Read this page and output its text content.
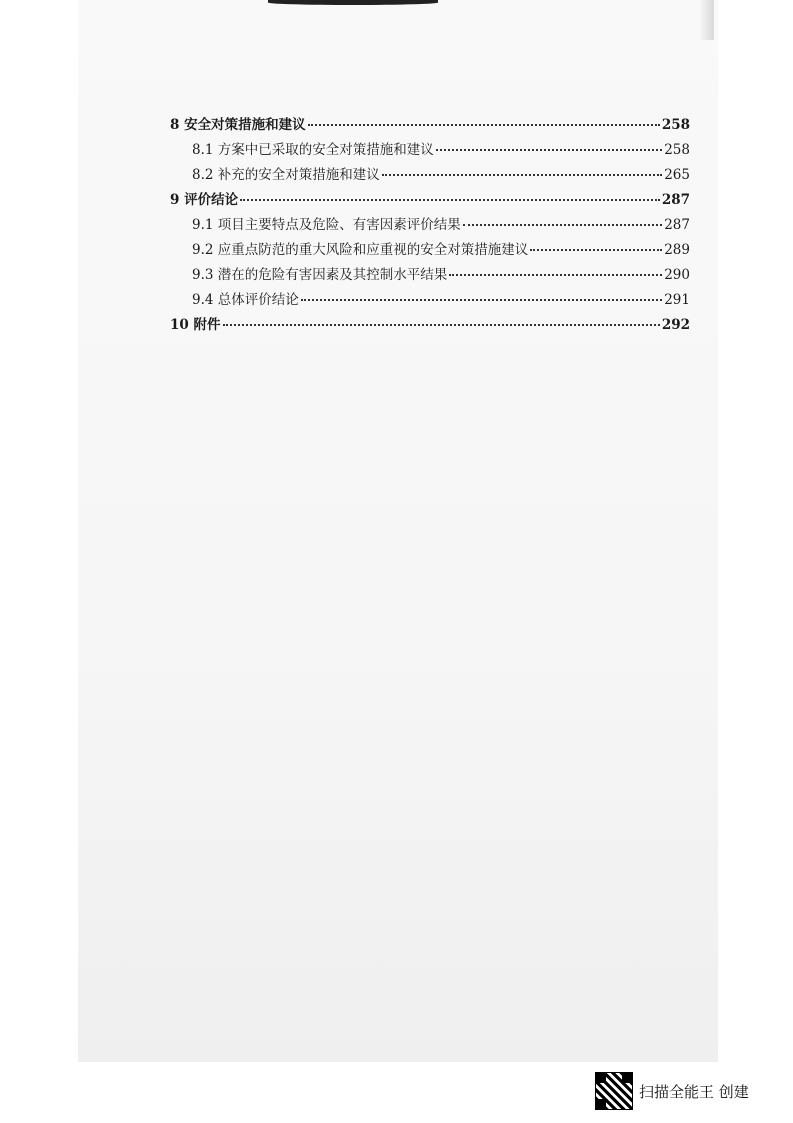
8 安全对策措施和建议	258
8.1 方案中已采取的安全对策措施和建议	258
8.2 补充的安全对策措施和建议	265
9 评价结论	287
9.1 项目主要特点及危险、有害因素评价结果	287
9.2 应重点防范的重大风险和应重视的安全对策措施建议	289
9.3 潜在的危险有害因素及其控制水平结果	290
9.4 总体评价结论	291
10 附件	292
扫描全能王 创建
